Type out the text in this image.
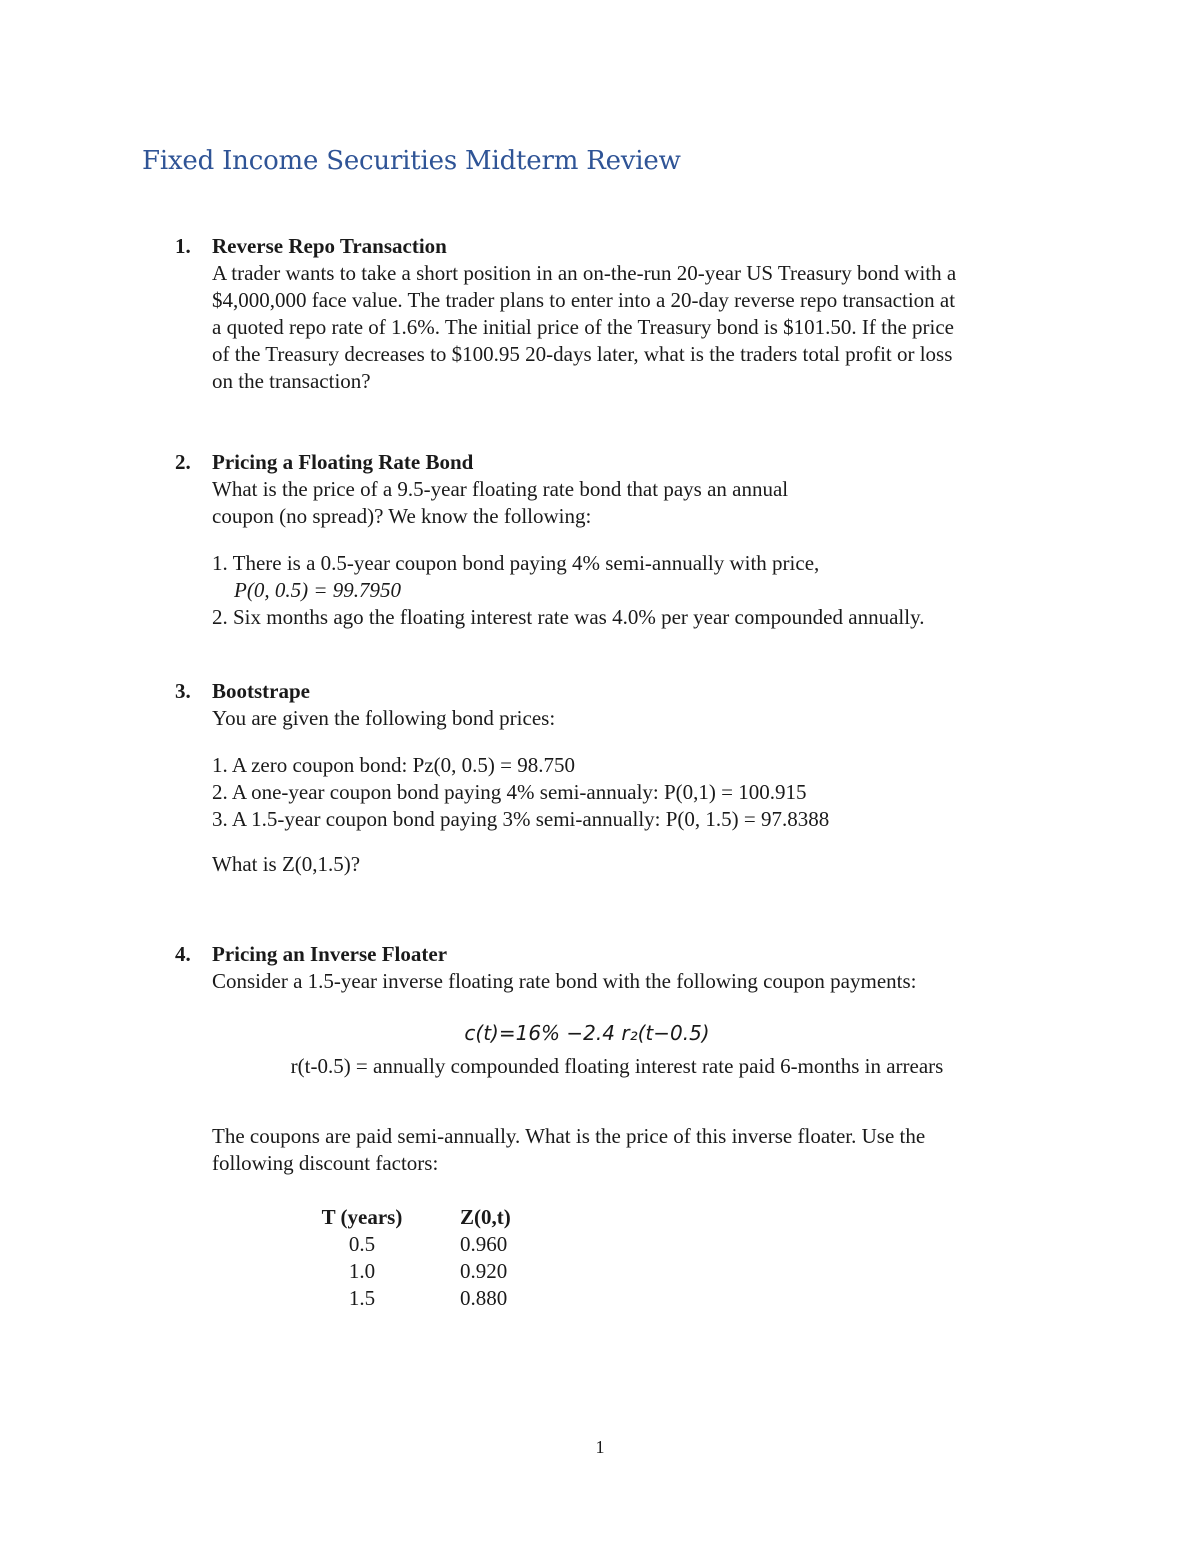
Fixed Income Securities Midterm Review
1. Reverse Repo Transaction

A trader wants to take a short position in an on-the-run 20-year US Treasury bond with a

$4,000,000 face value. The trader plans to enter into a 20-day reverse repo transaction at

a quoted repo rate of 1.6%. The initial price of the Treasury bond is $101.50. If the price

of the Treasury decreases to $100.95 20-days later, what is the traders total profit or loss

on the transaction?

2. Pricing a Floating Rate Bond

What is the price of a 9.5-year floating rate bond that pays an annual

coupon (no spread)? We know the following:

1. There is a 0.5-year coupon bond paying 4% semi-annually with price,
P(0, 0.5) = 99.7950
2. Six months ago the floating interest rate was 4.0% per year compounded annually.
3. Bootstrape

You are given the following bond prices:

1. A zero coupon bond: Pz(0, 0.5) = 98.750
2. A one-year coupon bond paying 4% semi-annualy: P(0,1) = 100.915
3. A 1.5-year coupon bond paying 3% semi-annually: P(0, 1.5) = 97.8388

What is Z(0,1.5)?

4. Pricing an Inverse Floater

Consider a 1.5-year inverse floating rate bond with the following coupon payments:

c(t)=16% −2.4 r₂(t−0.5)
r(t-0.5) = annually compounded floating interest rate paid 6-months in arrears

The coupons are paid semi-annually. What is the price of this inverse floater. Use the

following discount factors:

T (years)	Z(0,t)
0.5	0.960
1.0	0.920
1.5	0.880
1
